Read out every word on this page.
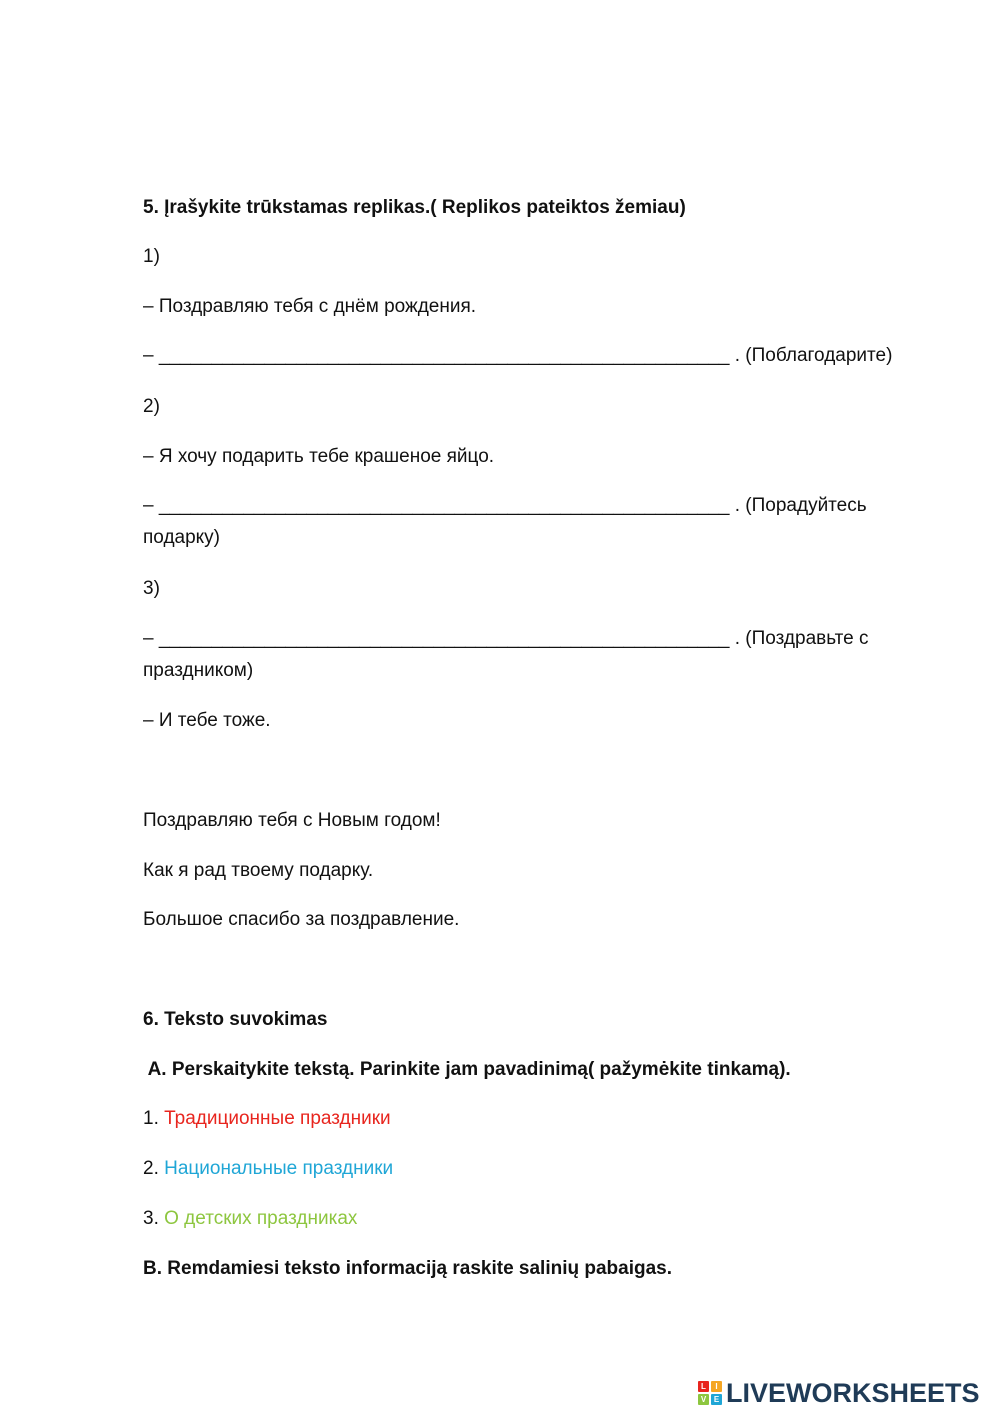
5. Įrašykite trūkstamas replikas.( Replikos pateiktos žemiau)
1)
– Поздравляю тебя с днём рождения.
– ______________________________________________________ . (Поблагодарите)
2)
– Я хочу подарить тебе крашеное яйцо.
– ______________________________________________________ . (Порадуйтесь подарку)
3)
– ______________________________________________________ . (Поздравьте с праздником)
– И тебе тоже.
Поздравляю тебя с Новым годом!
Как я рад твоему подарку.
Большое спасибо за поздравление.
6. Teksto suvokimas
A. Perskaitykite tekstą. Parinkite jam pavadinimą( pažymėkite tinkamą).
1. Традиционные праздники
2. Национальные праздники
3. О детских праздниках
B. Remdamiesi teksto informaciją raskite salinių pabaigas.
L	I
V E LIVEWORKSHEETS
